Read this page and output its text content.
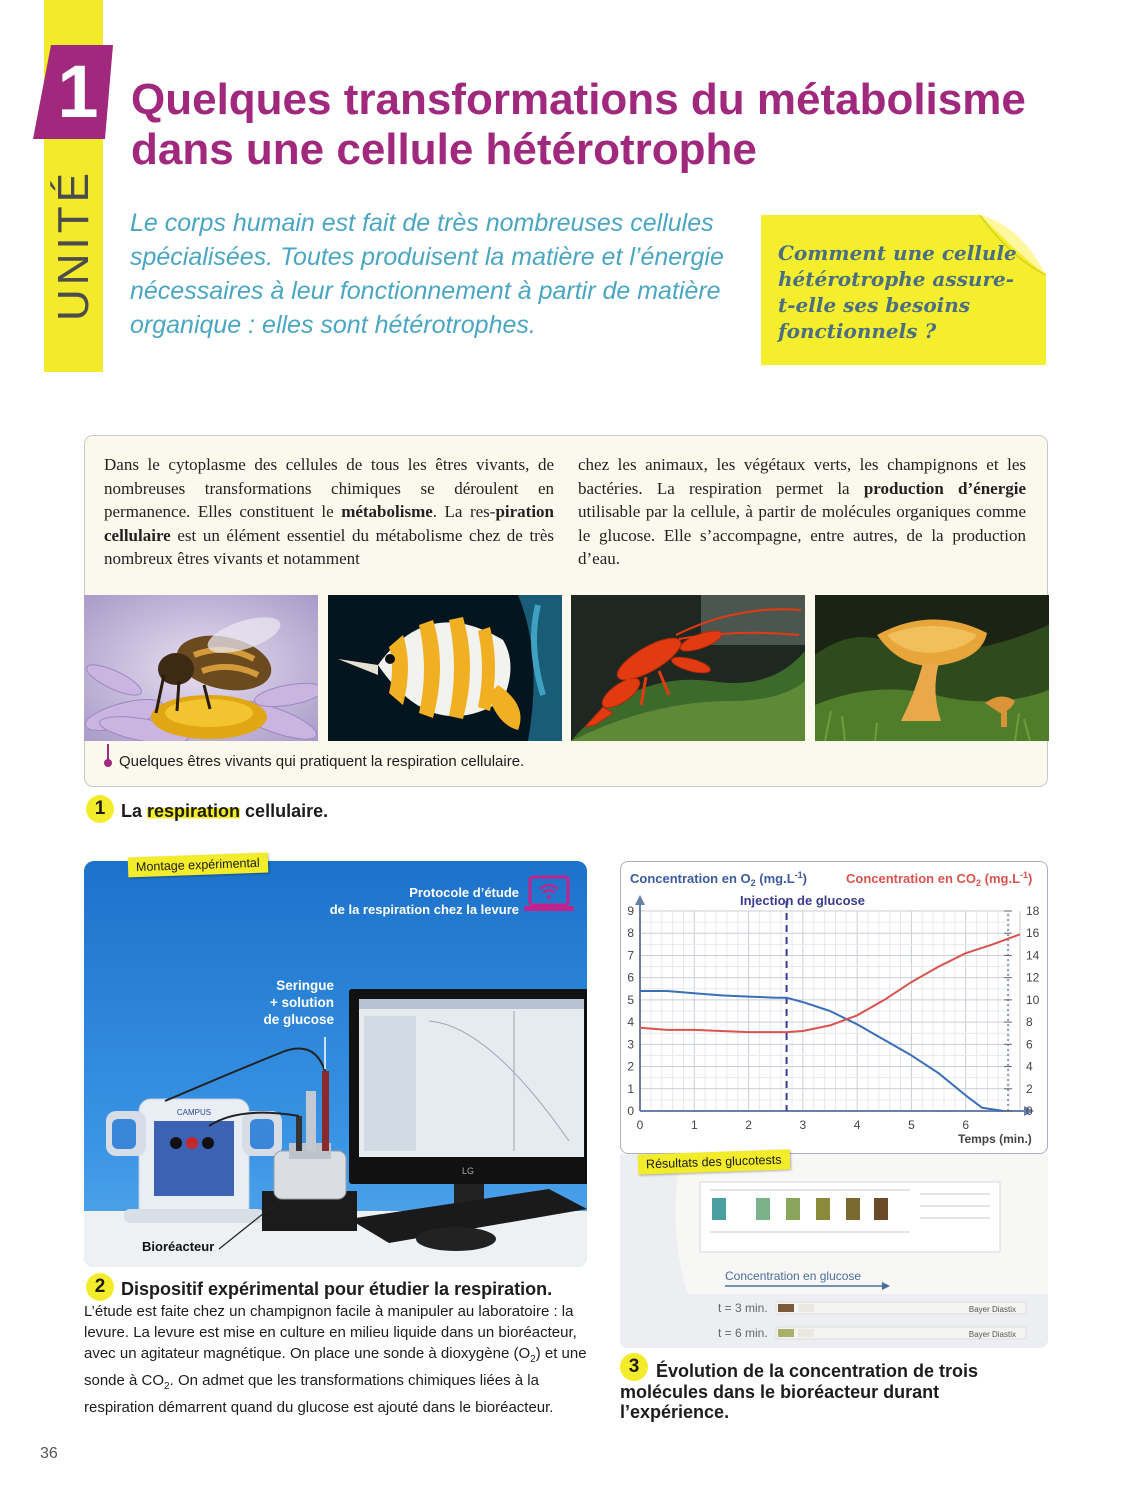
1
UNITÉ
Quelques transformations du métabolisme dans une cellule hétérotrophe

Le corps humain est fait de très nombreuses cellules spécialisées. Toutes produisent la matière et l’énergie nécessaires à leur fonctionnement à partir de matière organique : elles sont hétérotrophes.

Comment une cellule hétérotrophe assure-t-elle ses besoins fonctionnels ?
Dans le cytoplasme des cellules de tous les êtres vivants, de nombreuses transformations chimiques se déroulent en permanence. Elles constituent le métabolisme. La res-piration cellulaire est un élément essentiel du métabolisme chez de très nombreux êtres vivants et notamment
chez les animaux, les végétaux verts, les champignons et les bactéries. La respiration permet la production d’énergie utilisable par la cellule, à partir de molécules organiques comme le glucose. Elle s’accompagne, entre autres, de la production d’eau.
Quelques êtres vivants qui pratiquent la respiration cellulaire.
1 La respiration cellulaire.
LG
CAMPUS
Montage expérimental
Protocole d’étude
de la respiration chez la levure
Seringue
+ solution
de glucose
Bioréacteur
2 Dispositif expérimental pour étudier la respiration.
L’étude est faite chez un champignon facile à manipuler au laboratoire : la levure. La levure est mise en culture en milieu liquide dans un bioréacteur, avec un agitateur magnétique. On place une sonde à dioxygène $(O_2)$ et une sonde à $CO_2$. On admet que les transformations chimiques liées à la respiration démarrent quand du glucose est ajouté dans le bioréacteur.
0	1	2	3	4	5	6
0
1
2
3
4
5
6
7
8
9
0
2
4
6
8
10
12
14
16
18
Concentration en $O_2$ $(mg.L^{-1})$	Concentration en $CO_2$ $(mg.L^{-1})$
Injection de glucose
Temps (min.)
Concentration en glucose
t = 3 min.	Bayer Diastix
t = 6 min.	Bayer Diastix
Résultats des glucotests
3 Évolution de la concentration de trois
molécules dans le bioréacteur durant
l’expérience.
36
